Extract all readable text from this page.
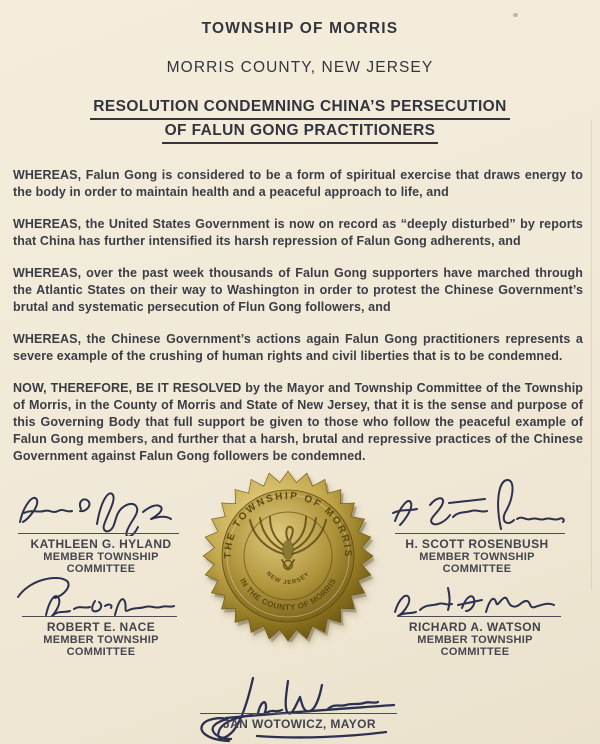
TOWNSHIP OF MORRIS
MORRIS COUNTY, NEW JERSEY
RESOLUTION CONDEMNING CHINA’S PERSECUTION
OF FALUN GONG PRACTITIONERS

WHEREAS, Falun Gong is considered to be a form of spiritual exercise that draws energy to the body in order to maintain health and a peaceful approach to life, and

WHEREAS, the United States Government is now on record as “deeply disturbed” by reports that China has further intensified its harsh repression of Falun Gong adherents, and

WHEREAS, over the past week thousands of Falun Gong supporters have marched through the Atlantic States on their way to Washington in order to protest the Chinese Government’s brutal and systematic persecution of Flun Gong followers, and

WHEREAS, the Chinese Government’s actions again Falun Gong practitioners represents a severe example of the crushing of human rights and civil liberties that is to be condemned.

NOW, THEREFORE, BE IT RESOLVED by the Mayor and Township Committee of the Township of Morris, in the County of Morris and State of New Jersey, that it is the sense and purpose of this Governing Body that full support be given to those who follow the peaceful example of Falun Gong members, and further that a harsh, brutal and repressive practices of the Chinese Government against Falun Gong followers be condemned.

THE TOWNSHIP OF MORRIS
IN THE COUNTY OF MORRIS
NEW JERSEY
KATHLEEN G. HYLAND
MEMBER TOWNSHIP COMMITTEE
H. SCOTT ROSENBUSH
MEMBER TOWNSHIP COMMITTEE
ROBERT E. NACE
MEMBER TOWNSHIP COMMITTEE
RICHARD A. WATSON
MEMBER TOWNSHIP COMMITTEE
JAN WOTOWICZ, MAYOR
